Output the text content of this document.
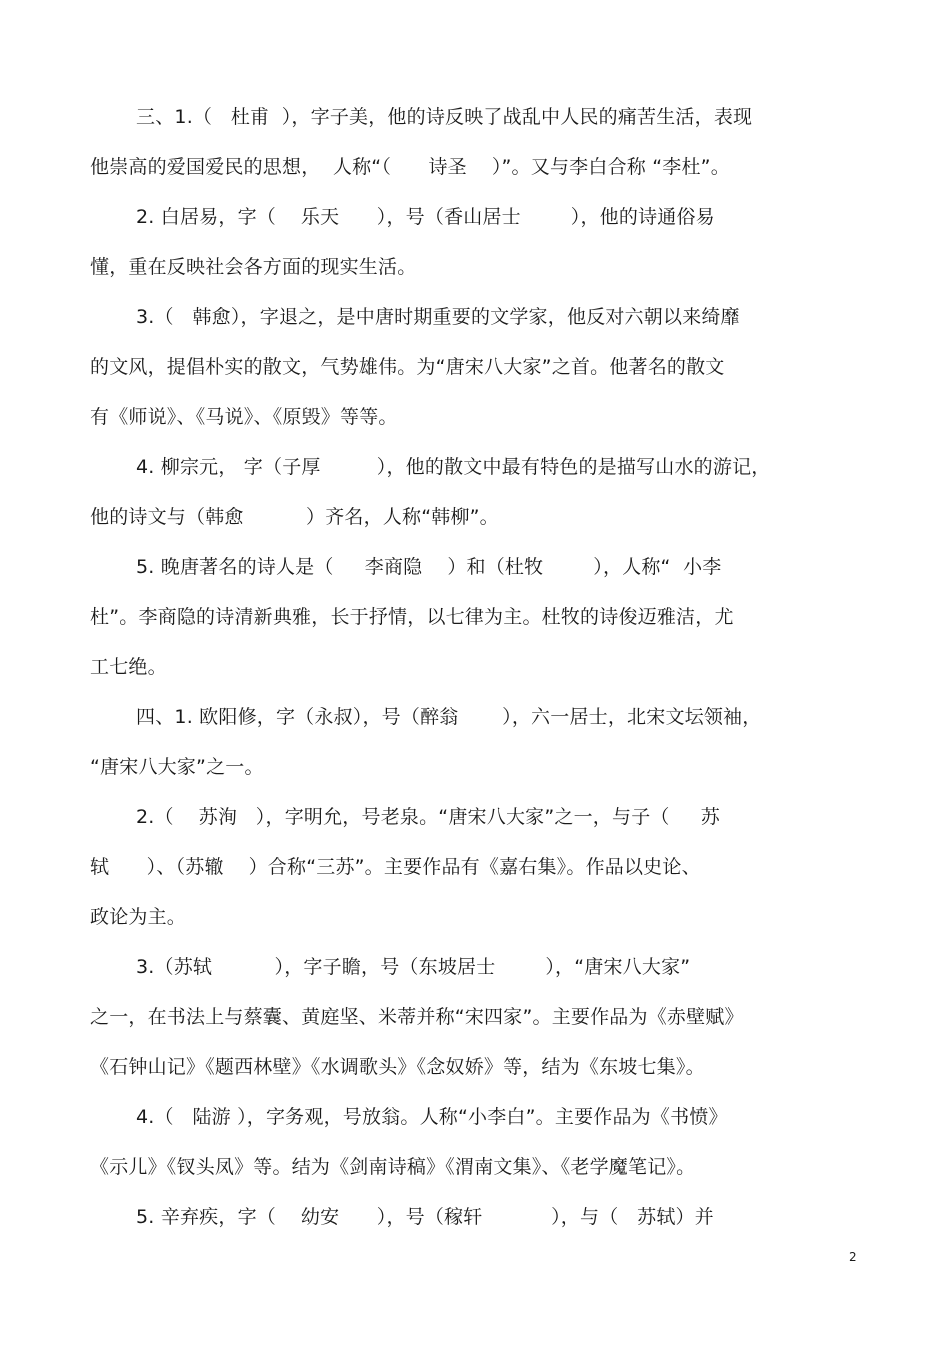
三、1.（   杜甫  ），字子美，他的诗反映了战乱中人民的痛苦生活，表现
他崇高的爱国爱民的思想，  人称“（      诗圣    ）”。又与李白合称 “李杜”。
2. 白居易，字（    乐天      ），号（香山居士        ），他的诗通俗易
懂，重在反映社会各方面的现实生活。
3.（   韩愈），字退之，是中唐时期重要的文学家，他反对六朝以来绮靡
的文风，提倡朴实的散文，气势雄伟。为“唐宋八大家”之首。他著名的散文
有《师说》、《马说》、《原毁》等等。
4. 柳宗元， 字（子厚         ），他的散文中最有特色的是描写山水的游记，
他的诗文与（韩愈          ）齐名，人称“韩柳”。
5. 晚唐著名的诗人是（     李商隐    ）和（杜牧        ），人称“  小李
杜”。李商隐的诗清新典雅，长于抒情，以七律为主。杜牧的诗俊迈雅洁，尤
工七绝。
四、1. 欧阳修，字（永叔），号（醉翁       ），六一居士，北宋文坛领袖，
“唐宋八大家”之一。
2.（    苏洵   ），字明允，号老泉。“唐宋八大家”之一，与子（     苏
轼      ）、（苏辙    ）合称“三苏”。主要作品有《嘉右集》。作品以史论、
政论为主。
3.（苏轼          ），字子瞻，号（东坡居士        ），“唐宋八大家”
之一，在书法上与蔡囊、黄庭坚、米蒂并称“宋四家”。主要作品为《赤壁赋》
《石钟山记》《题西林壁》《水调歌头》《念奴娇》等，结为《东坡七集》。
4.（   陆游 ），字务观，号放翁。人称“小李白”。主要作品为《书愤》
《示儿》《钗头凤》等。结为《剑南诗稿》《渭南文集》、《老学魔笔记》。
5. 辛弃疾，字（    幼安      ），号（稼轩           ），与（   苏轼）并
2
